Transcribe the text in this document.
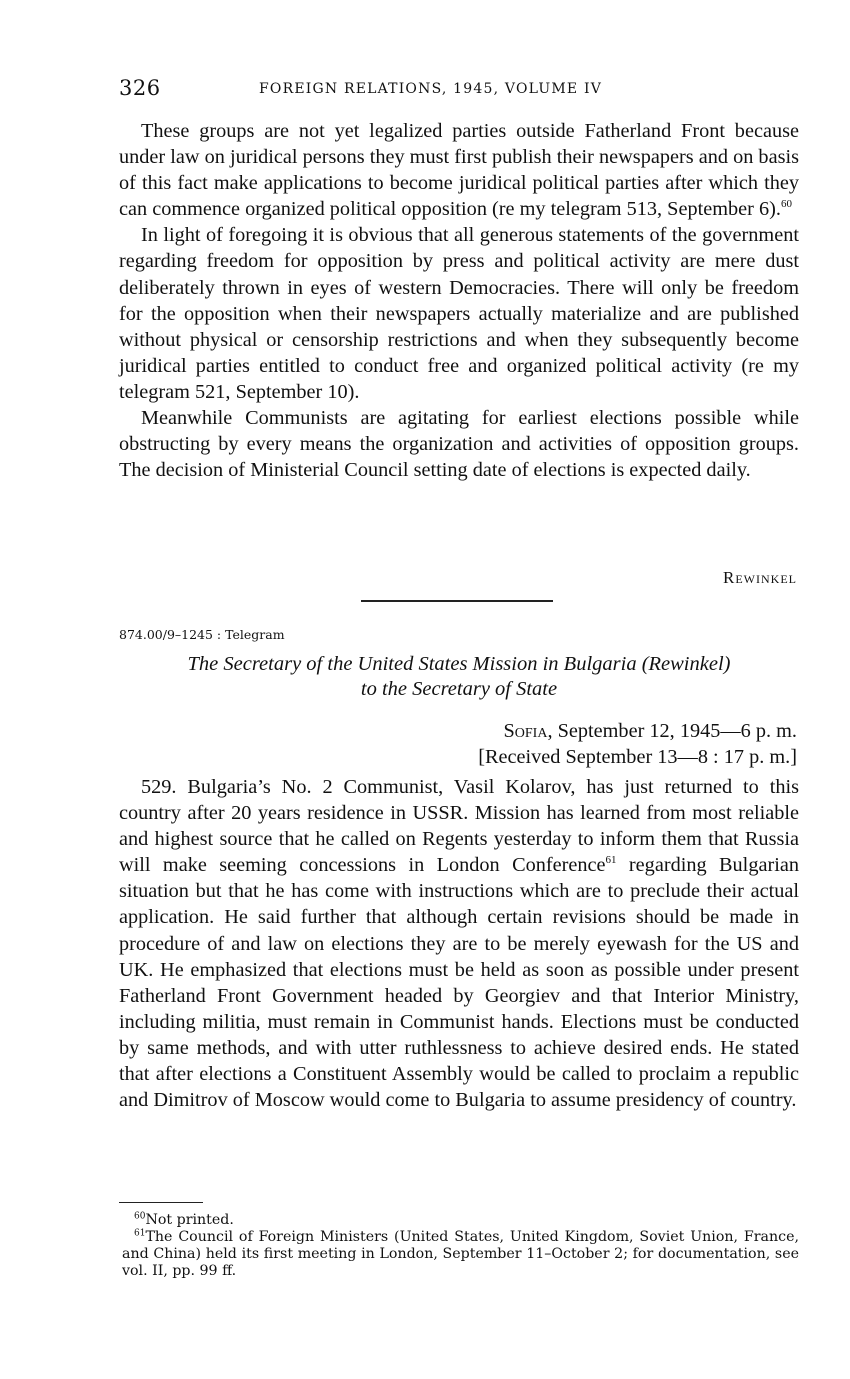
326	FOREIGN RELATIONS, 1945, VOLUME IV

These groups are not yet legalized parties outside Fatherland Front because under law on juridical persons they must first publish their newspapers and on basis of this fact make applications to become juridical political parties after which they can commence organized political opposition (re my telegram 513, September 6).$^{60}$

In light of foregoing it is obvious that all generous statements of the government regarding freedom for opposition by press and political activity are mere dust deliberately thrown in eyes of western Democracies. There will only be freedom for the opposition when their newspapers actually materialize and are published without physical or censorship restrictions and when they subsequently become juridical parties entitled to conduct free and organized political activity (re my telegram 521, September 10).

Meanwhile Communists are agitating for earliest elections possible while obstructing by every means the organization and activities of opposition groups. The decision of Ministerial Council setting date of elections is expected daily.

Rewinkel
874.00/9–1245 : Telegram
The Secretary of the United States Mission in Bulgaria (Rewinkel)
to the Secretary of State
Sofia, September 12, 1945—6 p. m.
[Received September 13—8 : 17 p. m.]

529. Bulgaria’s No. 2 Communist, Vasil Kolarov, has just returned to this country after 20 years residence in USSR. Mission has learned from most reliable and highest source that he called on Regents yesterday to inform them that Russia will make seeming concessions in London Conference$^{61}$ regarding Bulgarian situation but that he has come with instructions which are to preclude their actual application. He said further that although certain revisions should be made in procedure of and law on elections they are to be merely eyewash for the US and UK. He emphasized that elections must be held as soon as possible under present Fatherland Front Government headed by Georgiev and that Interior Ministry, including militia, must remain in Communist hands. Elections must be conducted by same methods, and with utter ruthlessness to achieve desired ends. He stated that after elections a Constituent Assembly would be called to proclaim a republic and Dimitrov of Moscow would come to Bulgaria to assume presidency of country.

$^{60}$Not printed.

$^{61}$The Council of Foreign Ministers (United States, United Kingdom, Soviet Union, France, and China) held its first meeting in London, September 11–October 2; for documentation, see vol. II, pp. 99 ff.
